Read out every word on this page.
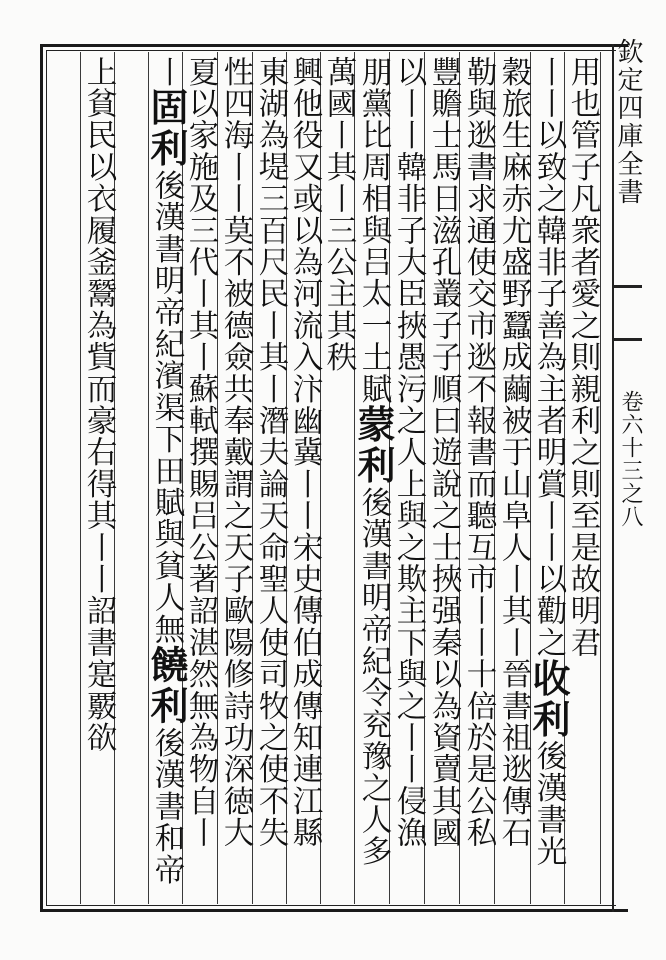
欽定四庫全書
卷六十三之八
用也管子凡衆者愛之則親利之則至是故明君
丨丨以致之韓非子善為主者明賞丨丨以勸之收利後漢書光
穀旅生麻赤尤盛野蠶成繭被于山阜人丨其丨晉書祖逖傳石
勒與逖書求通使交市逖不報書而聽互市丨丨十倍於是公私
豐贍士馬日滋孔叢子子順曰遊說之士挾强秦以為資賣其國
以丨丨韓非子大臣挾愚污之人上與之欺主下與之丨丨侵漁
朋黨比周相與吕太一土賦蒙利後漢書明帝紀令兖豫之人多
萬國丨其丨三公主其秩
興他役又或以為河流入汴幽冀丨丨宋史傳伯成傳知連江縣
東湖為堤三百尺民丨其丨潛夫論天命聖人使司牧之使不失
性四海丨丨莫不被德僉共奉戴謂之天子歐陽修詩功深徳大
夏以家施及三代丨其丨蘇軾撰賜吕公著詔湛然無為物自丨
丨固利後漢書明帝紀濱渠下田賦與貧人無饒利後漢書和帝
上貧民以衣履釜鬵為貲而豪右得其丨丨詔書寔覈欲
